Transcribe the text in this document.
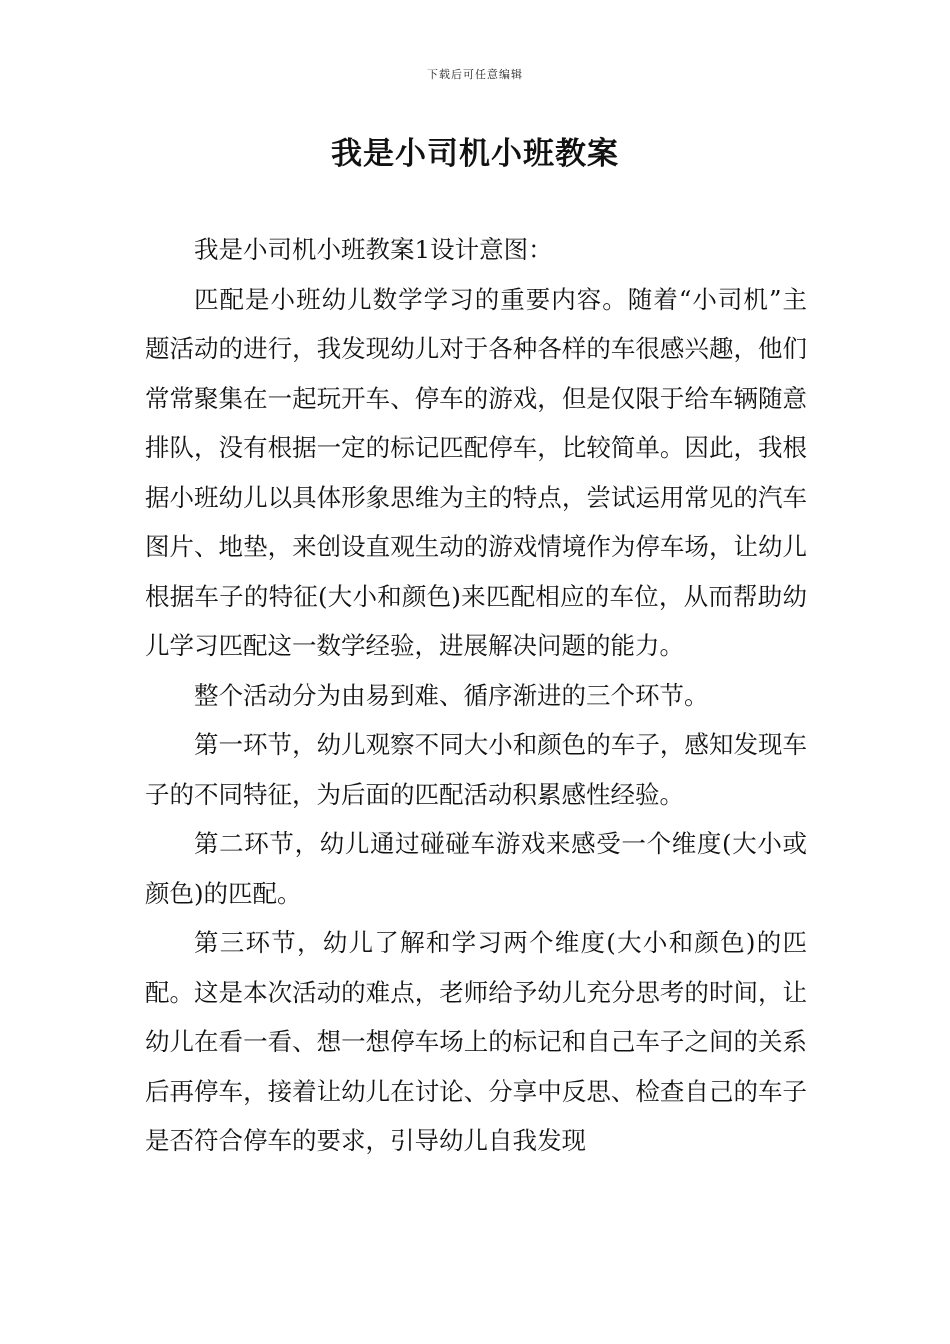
下载后可任意编辑
我是小司机小班教案

我是小司机小班教案1设计意图：

匹配是小班幼儿数学学习的重要内容。随着“小司机”主题活动的进行，我发现幼儿对于各种各样的车很感兴趣，他们常常聚集在一起玩开车、停车的游戏，但是仅限于给车辆随意排队，没有根据一定的标记匹配停车，比较简单。因此，我根据小班幼儿以具体形象思维为主的特点，尝试运用常见的汽车图片、地垫，来创设直观生动的游戏情境作为停车场，让幼儿根据车子的特征(大小和颜色)来匹配相应的车位，从而帮助幼儿学习匹配这一数学经验，进展解决问题的能力。

整个活动分为由易到难、循序渐进的三个环节。

第一环节，幼儿观察不同大小和颜色的车子，感知发现车子的不同特征，为后面的匹配活动积累感性经验。

第二环节，幼儿通过碰碰车游戏来感受一个维度(大小或颜色)的匹配。

第三环节，幼儿了解和学习两个维度(大小和颜色)的匹配。这是本次活动的难点，老师给予幼儿充分思考的时间，让幼儿在看一看、想一想停车场上的标记和自己车子之间的关系后再停车，接着让幼儿在讨论、分享中反思、检查自己的车子是否符合停车的要求，引导幼儿自我发现
